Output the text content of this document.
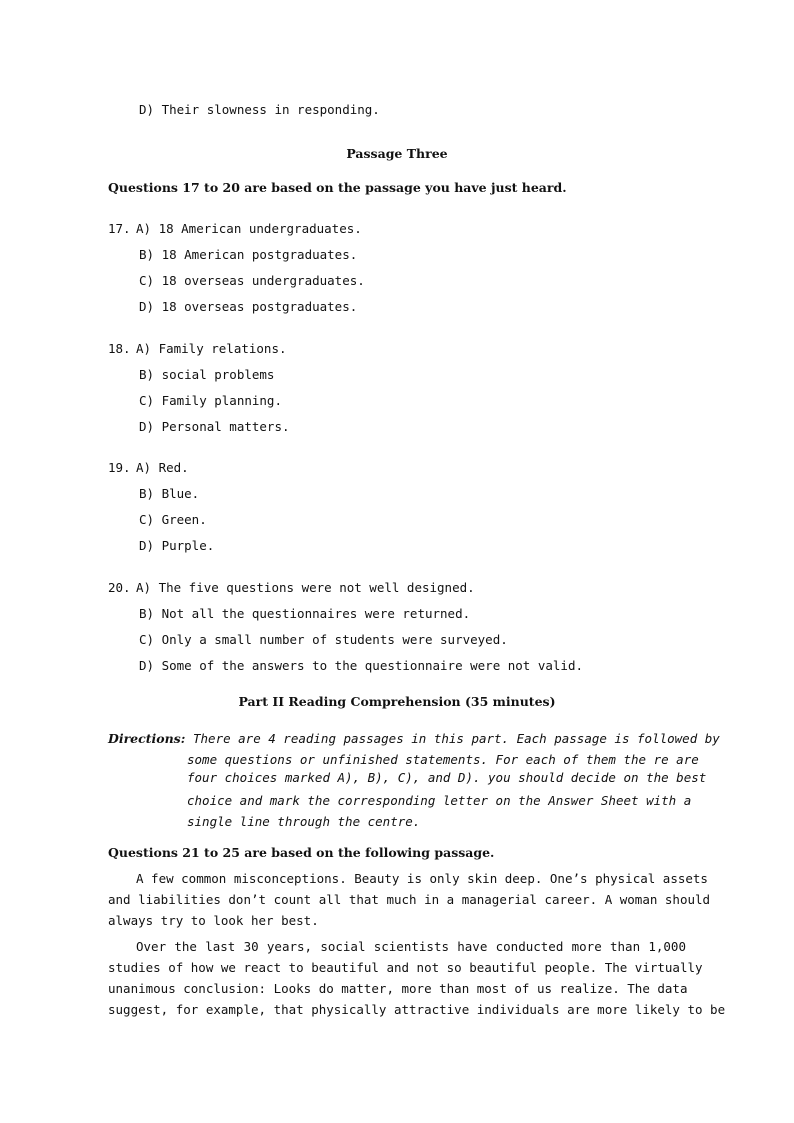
D) Their slowness in responding.
Passage Three
Questions 17 to 20 are based on the passage you have just heard.
17. A) 18 American undergraduates.
B) 18 American postgraduates.
C) 18 overseas undergraduates.
D) 18 overseas postgraduates.
18. A) Family relations.
B) social problems
C) Family planning.
D) Personal matters.
19. A) Red.
B) Blue.
C) Green.
D) Purple.
20. A) The five questions were not well designed.
B) Not all the questionnaires were returned.
C) Only a small number of students were surveyed.
D) Some of the answers to the questionnaire were not valid.
Part II Reading Comprehension (35 minutes)
Directions: There are 4 reading passages in this part. Each passage is followed by
some questions or unfinished statements. For each of them the re are
four choices marked A), B), C), and D). you should decide on the best
choice and mark the corresponding letter on the Answer Sheet with a
single line through the centre.
Questions 21 to 25 are based on the following passage.
A few common misconceptions. Beauty is only skin deep. One’s physical assets
and liabilities don’t count all that much in a managerial career. A woman should
always try to look her best.
Over the last 30 years, social scientists have conducted more than 1,000
studies of how we react to beautiful and not so beautiful people. The virtually
unanimous conclusion: Looks do matter, more than most of us realize. The data
suggest, for example, that physically attractive individuals are more likely to be
